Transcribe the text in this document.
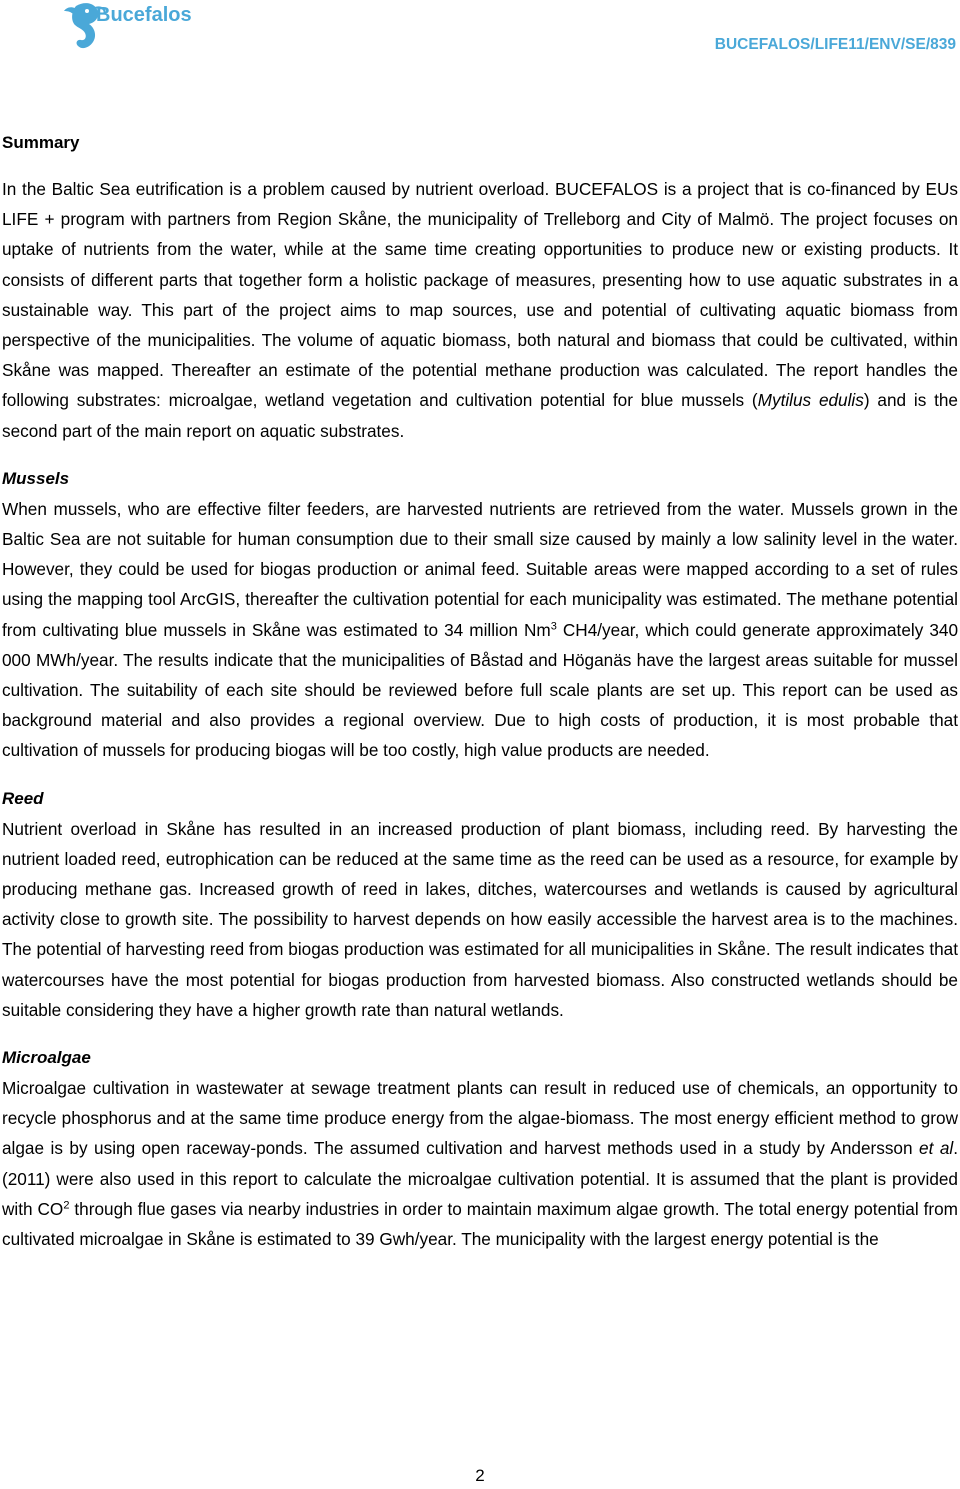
Bucefalos
BUCEFALOS/LIFE11/ENV/SE/839
Summary

In the Baltic Sea eutrification is a problem caused by nutrient overload. BUCEFALOS is a project that is co-financed by EUs LIFE + program with partners from Region Skåne, the municipality of Trelleborg and City of Malmö. The project focuses on uptake of nutrients from the water, while at the same time creating opportunities to produce new or existing products. It consists of different parts that together form a holistic package of measures, presenting how to use aquatic substrates in a sustainable way. This part of the project aims to map sources, use and potential of cultivating aquatic biomass from perspective of the municipalities. The volume of aquatic biomass, both natural and biomass that could be cultivated, within Skåne was mapped. Thereafter an estimate of the potential methane production was calculated. The report handles the following substrates: microalgae, wetland vegetation and cultivation potential for blue mussels (Mytilus edulis) and is the second part of the main report on aquatic substrates.

Mussels

When mussels, who are effective filter feeders, are harvested nutrients are retrieved from the water. Mussels grown in the Baltic Sea are not suitable for human consumption due to their small size caused by mainly a low salinity level in the water. However, they could be used for biogas production or animal feed. Suitable areas were mapped according to a set of rules using the mapping tool ArcGIS, thereafter the cultivation potential for each municipality was estimated. The methane potential from cultivating blue mussels in Skåne was estimated to 34 million Nm$^3$ CH4/year, which could generate approximately 340 000 MWh/year. The results indicate that the municipalities of Båstad and Höganäs have the largest areas suitable for mussel cultivation. The suitability of each site should be reviewed before full scale plants are set up. This report can be used as background material and also provides a regional overview. Due to high costs of production, it is most probable that cultivation of mussels for producing biogas will be too costly, high value products are needed.

Reed

Nutrient overload in Skåne has resulted in an increased production of plant biomass, including reed. By harvesting the nutrient loaded reed, eutrophication can be reduced at the same time as the reed can be used as a resource, for example by producing methane gas. Increased growth of reed in lakes, ditches, watercourses and wetlands is caused by agricultural activity close to growth site. The possibility to harvest depends on how easily accessible the harvest area is to the machines. The potential of harvesting reed from biogas production was estimated for all municipalities in Skåne. The result indicates that watercourses have the most potential for biogas production from harvested biomass. Also constructed wetlands should be suitable considering they have a higher growth rate than natural wetlands.

Microalgae

Microalgae cultivation in wastewater at sewage treatment plants can result in reduced use of chemicals, an opportunity to recycle phosphorus and at the same time produce energy from the algae-biomass. The most energy efficient method to grow algae is by using open raceway-ponds. The assumed cultivation and harvest methods used in a study by Andersson et al. (2011) were also used in this report to calculate the microalgae cultivation potential. It is assumed that the plant is provided with $CO^2$ through flue gases via nearby industries in order to maintain maximum algae growth. The total energy potential from cultivated microalgae in Skåne is estimated to 39 Gwh/year. The municipality with the largest energy potential is the

2
